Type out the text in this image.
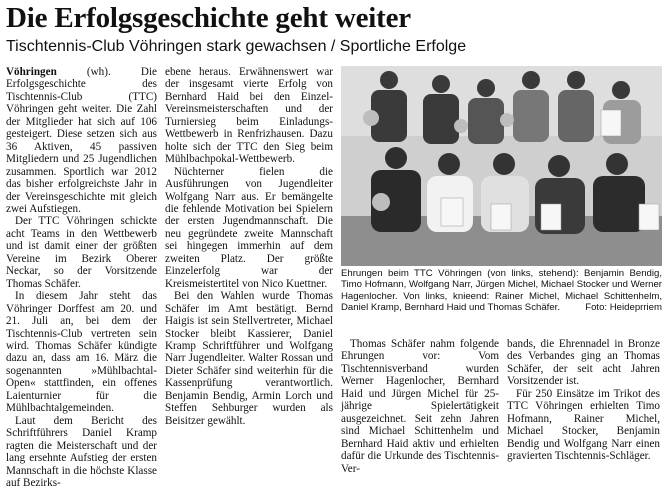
Die Erfolgsgeschichte geht weiter
Tischtennis-Club Vöhringen stark gewachsen / Sportliche Erfolge

Vöhringen (wh). Die Erfolgsgeschichte des Tischtennis-Club (TTC) Vöhringen geht weiter. Die Zahl der Mitglieder hat sich auf 106 gesteigert. Diese setzen sich aus 36 Aktiven, 45 passiven Mitgliedern und 25 Jugendlichen zusammen. Sportlich war 2012 das bisher erfolgreichste Jahr in der Vereinsgeschichte mit gleich zwei Aufstiegen.

Der TTC Vöhringen schickte acht Teams in den Wettbewerb und ist damit einer der größten Vereine im Bezirk Oberer Neckar, so der Vorsitzende Thomas Schäfer.

In diesem Jahr steht das Vöhringer Dorffest am 20. und 21. Juli an, bei dem der Tischtennis-Club vertreten sein wird. Thomas Schäfer kündigte dazu an, dass am 16. März die sogenannten »Mühlbachtal-Open« stattfinden, ein offenes Laienturnier für die Mühlbachtalgemeinden.

Laut dem Bericht des Schriftführers Daniel Kramp ragten die Meisterschaft und der lang ersehnte Aufstieg der ersten Mannschaft in die höchste Klasse auf Bezirks-

ebene heraus. Erwähnenswert war der insgesamt vierte Erfolg von Bernhard Haid bei den Einzel-Vereinsmeisterschaften und der Turniersieg beim Einladungs-Wettbewerb in Renfrizhausen. Dazu holte sich der TTC den Sieg beim Mühlbachpokal-Wettbewerb.

Nüchterner fielen die Ausführungen von Jugendleiter Wolfgang Narr aus. Er bemängelte die fehlende Motivation bei Spielern der ersten Jugendmannschaft. Die neu gegründete zweite Mannschaft sei hingegen immerhin auf dem zweiten Platz. Der größte Einzelerfolg war der Kreismeistertitel von Nico Kuettner.

Bei den Wahlen wurde Thomas Schäfer im Amt bestätigt. Bernd Haigis ist sein Stellvertreter, Michael Stocker bleibt Kassierer, Daniel Kramp Schriftführer und Wolfgang Narr Jugendleiter. Walter Rossan und Dieter Schäfer sind weiterhin für die Kassenprüfung verantwortlich. Benjamin Bendig, Armin Lorch und Steffen Sehburger wurden als Beisitzer gewählt.

Ehrungen beim TTC Vöhringen (von links, stehend): Benjamin Bendig, Timo Hofmann, Wolfgang Narr, Jürgen Michel, Michael Stocker und Werner Hagenlocher. Von links, knieend: Rainer Michel, Michael Schittenhelm, Daniel Kramp, Bernhard Haid und Thomas Schäfer.	Foto: Heideprriem

Thomas Schäfer nahm folgende Ehrungen vor: Vom Tischtennisverband wurden Werner Hagenlocher, Bernhard Haid und Jürgen Michel für 25-jährige Spielertätigkeit ausgezeichnet. Seit zehn Jahren sind Michael Schittenhelm und Bernhard Haid aktiv und erhielten dafür die Urkunde des Tischtennis-Ver-

bands, die Ehrennadel in Bronze des Verbandes ging an Thomas Schäfer, der seit acht Jahren Vorsitzender ist.

Für 250 Einsätze im Trikot des TTC Vöhringen erhielten Timo Hofmann, Rainer Michel, Michael Stocker, Benjamin Bendig und Wolfgang Narr einen gravierten Tischtennis-Schläger.
